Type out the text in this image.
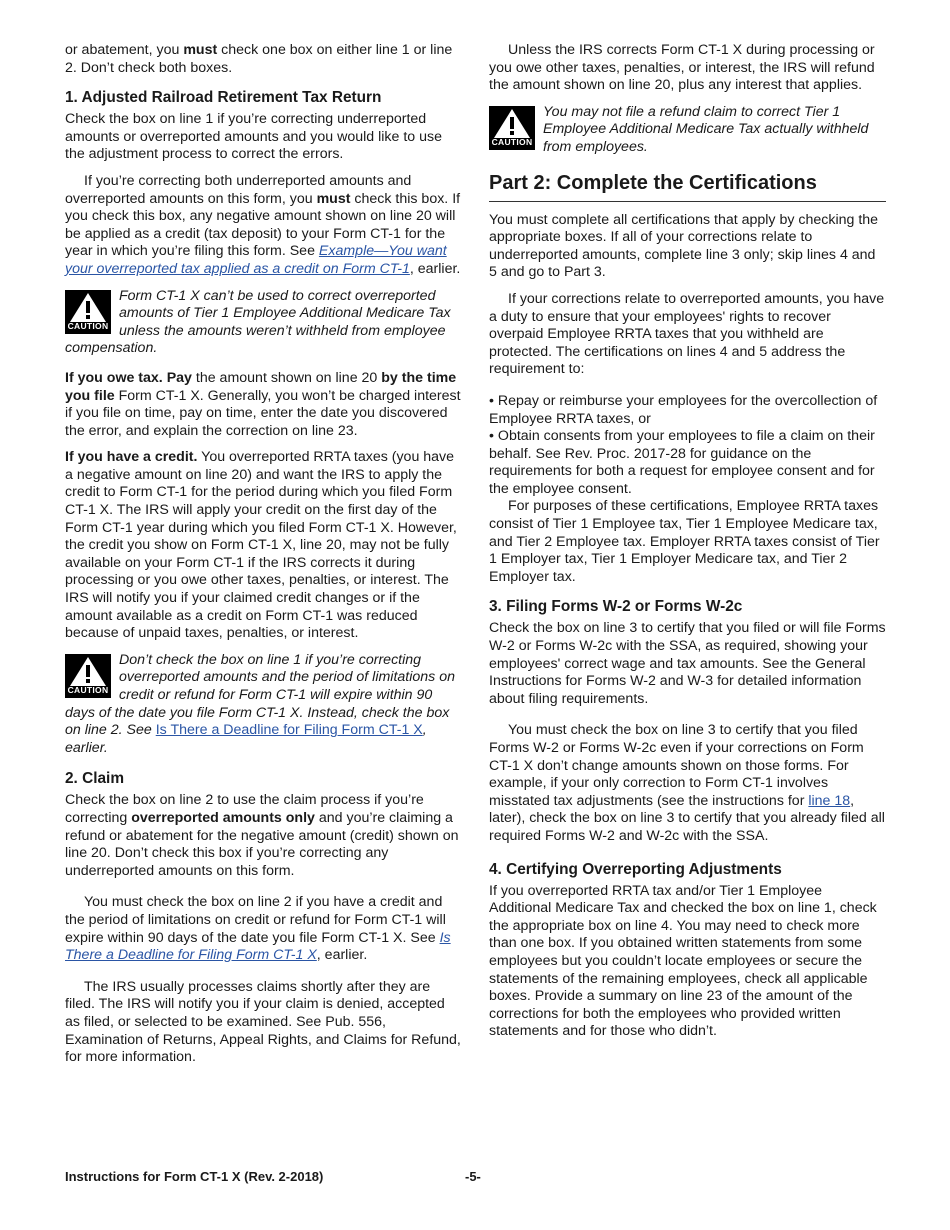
or abatement, you must check one box on either line 1 or line 2. Don’t check both boxes.

1. Adjusted Railroad Retirement Tax Return

Check the box on line 1 if you’re correcting underreported amounts or overreported amounts and you would like to use the adjustment process to correct the errors.

If you’re correcting both underreported amounts and overreported amounts on this form, you must check this box. If you check this box, any negative amount shown on line 20 will be applied as a credit (tax deposit) to your Form CT-1 for the year in which you’re filing this form. See Example—You want your overreported tax applied as a credit on Form CT-1, earlier.

CAUTION
Form CT-1 X can’t be used to correct overreported amounts of Tier 1 Employee Additional Medicare Tax unless the amounts weren’t withheld from employee compensation.

If you owe tax. Pay the amount shown on line 20 by the time you file Form CT-1 X. Generally, you won’t be charged interest if you file on time, pay on time, enter the date you discovered the error, and explain the correction on line 23.

If you have a credit. You overreported RRTA taxes (you have a negative amount on line 20) and want the IRS to apply the credit to Form CT-1 for the period during which you filed Form CT-1 X. The IRS will apply your credit on the first day of the Form CT-1 year during which you filed Form CT-1 X. However, the credit you show on Form CT-1 X, line 20, may not be fully available on your Form CT-1 if the IRS corrects it during processing or you owe other taxes, penalties, or interest. The IRS will notify you if your claimed credit changes or if the amount available as a credit on Form CT-1 was reduced because of unpaid taxes, penalties, or interest.

CAUTION
Don’t check the box on line 1 if you’re correcting overreported amounts and the period of limitations on credit or refund for Form CT-1 will expire within 90 days of the date you file Form CT-1 X. Instead, check the box on line 2. See Is There a Deadline for Filing Form CT-1 X, earlier.
2. Claim

Check the box on line 2 to use the claim process if you’re correcting overreported amounts only and you’re claiming a refund or abatement for the negative amount (credit) shown on line 20. Don’t check this box if you’re correcting any underreported amounts on this form.

You must check the box on line 2 if you have a credit and the period of limitations on credit or refund for Form CT-1 will expire within 90 days of the date you file Form CT-1 X. See Is There a Deadline for Filing Form CT-1 X, earlier.

The IRS usually processes claims shortly after they are filed. The IRS will notify you if your claim is denied, accepted as filed, or selected to be examined. See Pub. 556, Examination of Returns, Appeal Rights, and Claims for Refund, for more information.

Unless the IRS corrects Form CT-1 X during processing or you owe other taxes, penalties, or interest, the IRS will refund the amount shown on line 20, plus any interest that applies.

CAUTION
You may not file a refund claim to correct Tier 1 Employee Additional Medicare Tax actually withheld from employees.
Part 2: Complete the Certifications

You must complete all certifications that apply by checking the appropriate boxes. If all of your corrections relate to underreported amounts, complete line 3 only; skip lines 4 and 5 and go to Part 3.

If your corrections relate to overreported amounts, you have a duty to ensure that your employees' rights to recover overpaid Employee RRTA taxes that you withheld are protected. The certifications on lines 4 and 5 address the requirement to:

• Repay or reimburse your employees for the overcollection of Employee RRTA taxes, or

• Obtain consents from your employees to file a claim on their behalf. See Rev. Proc. 2017-28 for guidance on the requirements for both a request for employee consent and for the employee consent.

For purposes of these certifications, Employee RRTA taxes consist of Tier 1 Employee tax, Tier 1 Employee Medicare tax, and Tier 2 Employee tax. Employer RRTA taxes consist of Tier 1 Employer tax, Tier 1 Employer Medicare tax, and Tier 2 Employer tax.

3. Filing Forms W-2 or Forms W-2c

Check the box on line 3 to certify that you filed or will file Forms W-2 or Forms W-2c with the SSA, as required, showing your employees' correct wage and tax amounts. See the General Instructions for Forms W-2 and W-3 for detailed information about filing requirements.

You must check the box on line 3 to certify that you filed Forms W-2 or Forms W-2c even if your corrections on Form CT-1 X don’t change amounts shown on those forms. For example, if your only correction to Form CT-1 involves misstated tax adjustments (see the instructions for line 18, later), check the box on line 3 to certify that you already filed all required Forms W-2 and W-2c with the SSA.

4. Certifying Overreporting Adjustments

If you overreported RRTA tax and/or Tier 1 Employee Additional Medicare Tax and checked the box on line 1, check the appropriate box on line 4. You may need to check more than one box. If you obtained written statements from some employees but you couldn’t locate employees or secure the statements of the remaining employees, check all applicable boxes. Provide a summary on line 23 of the amount of the corrections for both the employees who provided written statements and for those who didn’t.

Instructions for Form CT-1 X (Rev. 2-2018)	-5-
